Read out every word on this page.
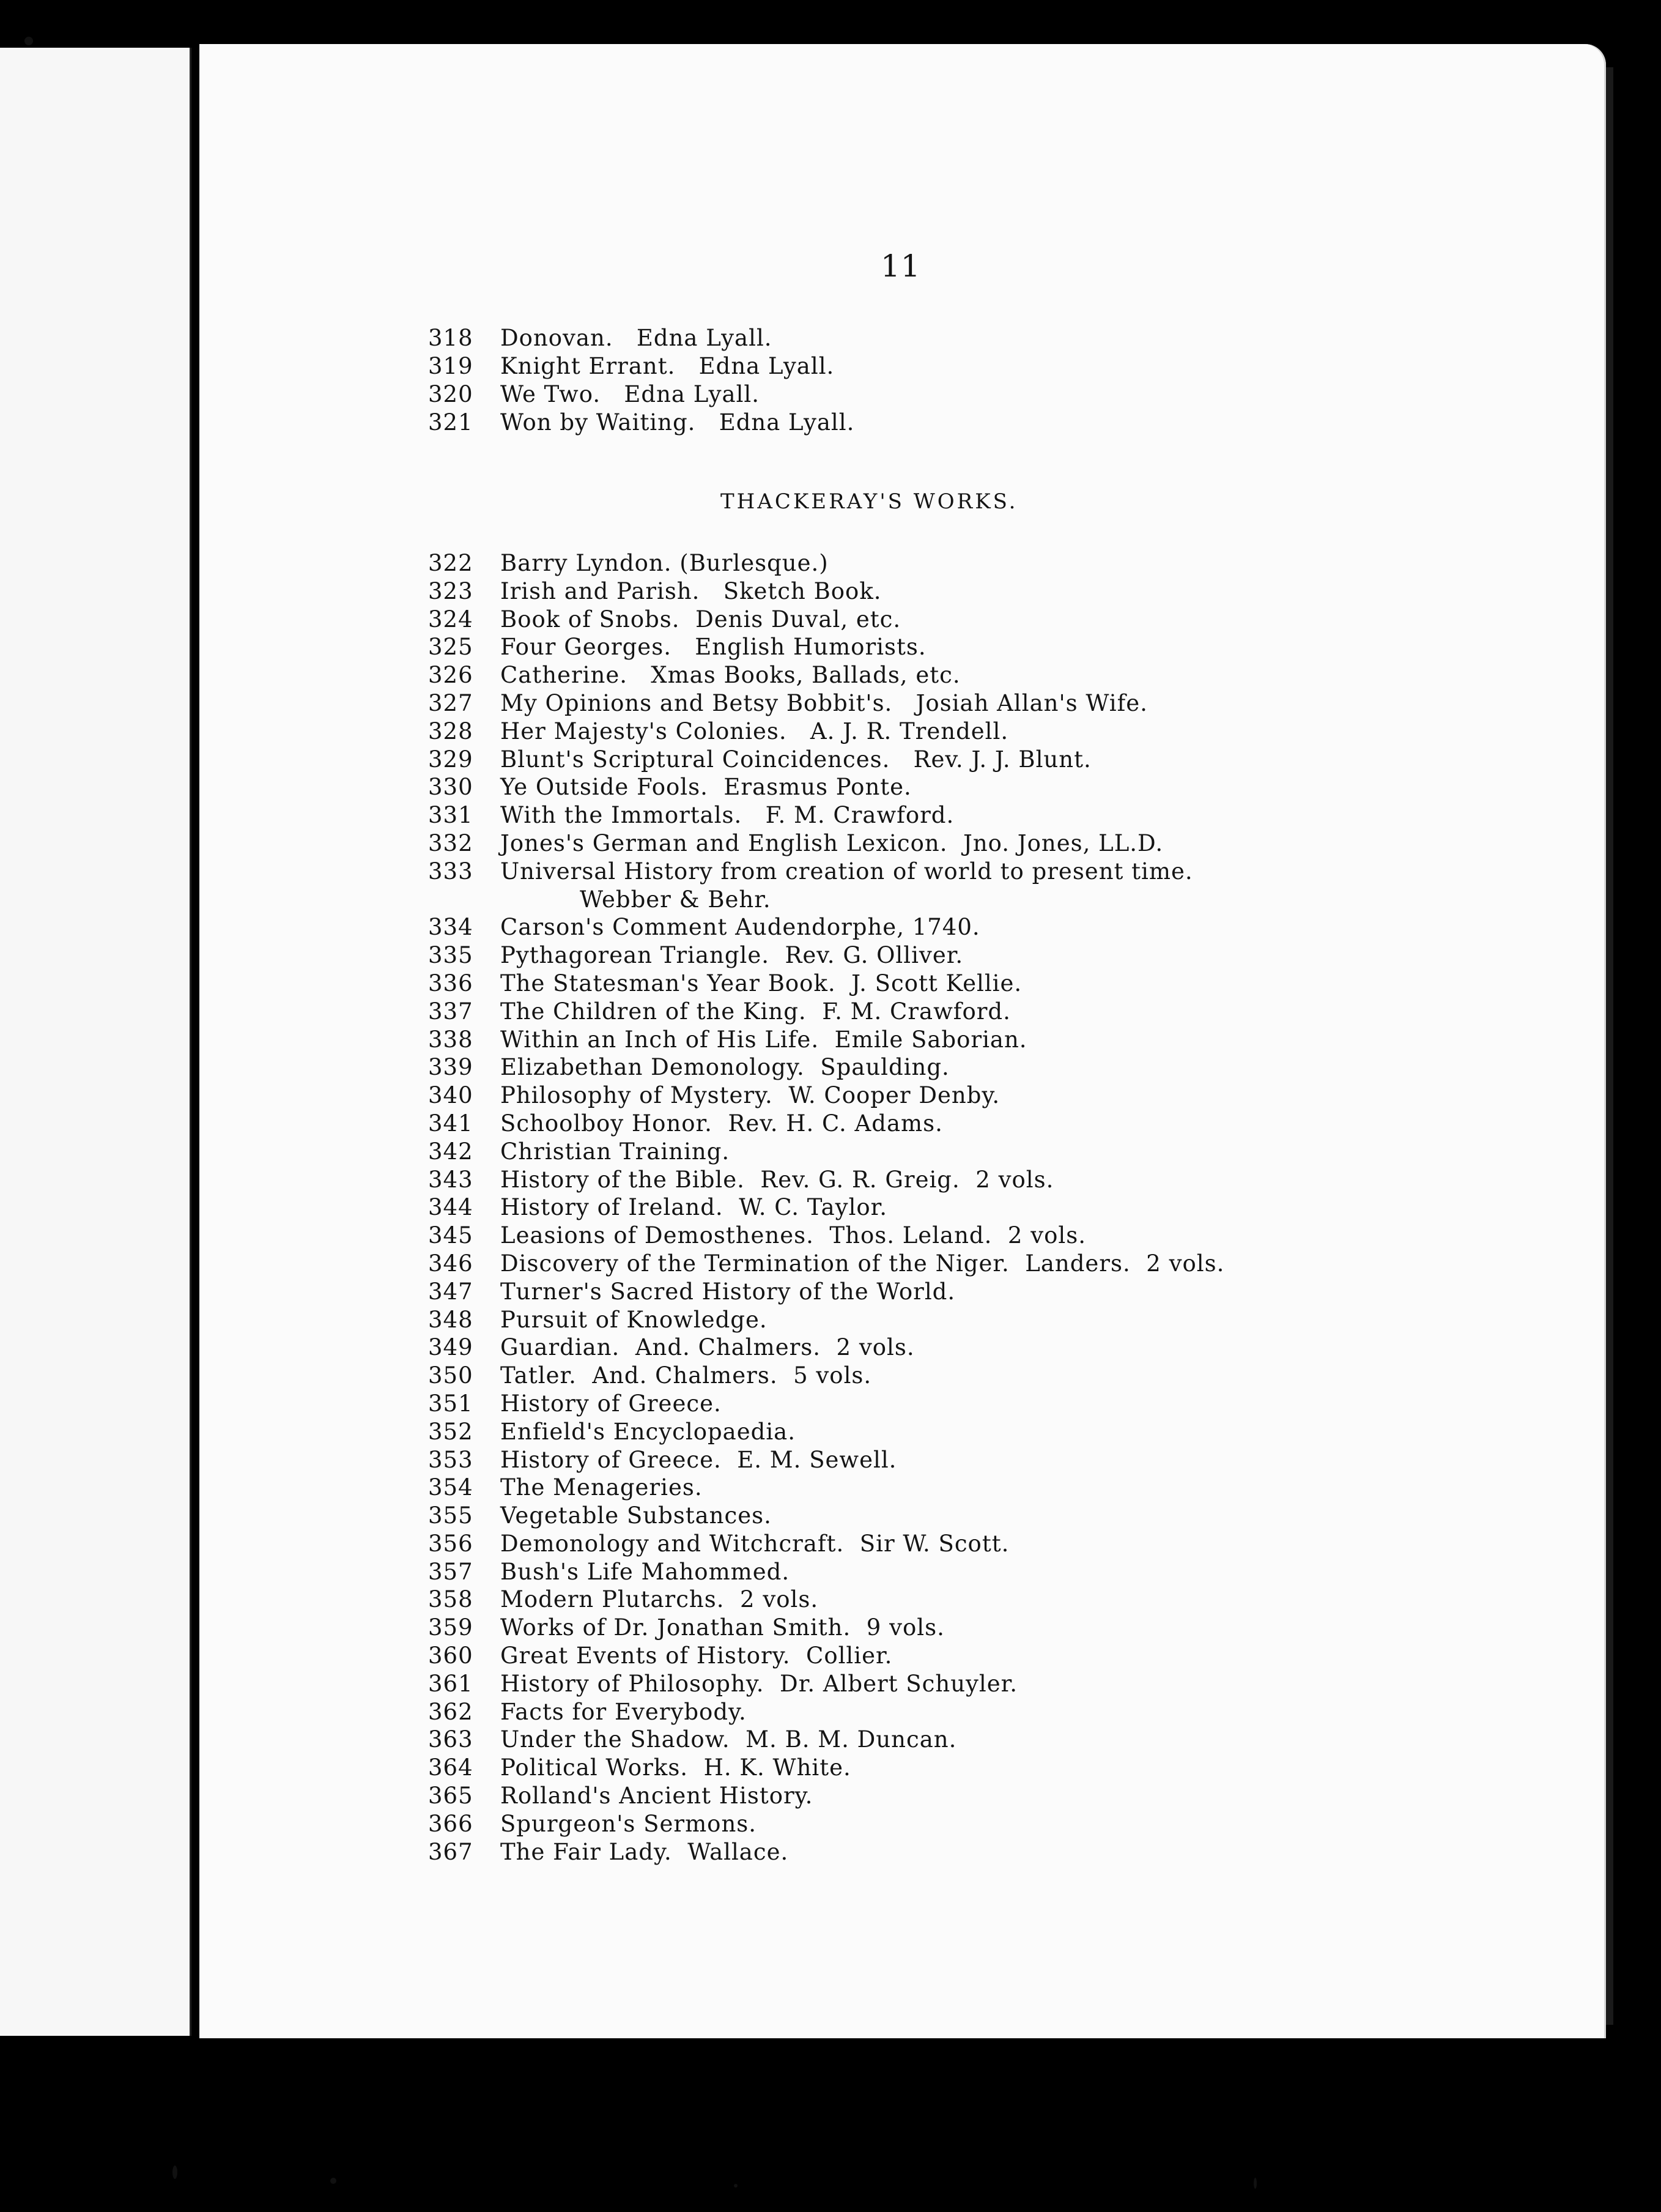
11
318	Donovan.   Edna Lyall.
319	Knight Errant.   Edna Lyall.
320	We Two.   Edna Lyall.
321	Won by Waiting.   Edna Lyall.
THACKERAY'S WORKS.
322	Barry Lyndon. (Burlesque.)
323	Irish and Parish.   Sketch Book.
324	Book of Snobs.  Denis Duval, etc.
325	Four Georges.   English Humorists.
326	Catherine.   Xmas Books, Ballads, etc.
327	My Opinions and Betsy Bobbit's.   Josiah Allan's Wife.
328	Her Majesty's Colonies.   A. J. R. Trendell.
329	Blunt's Scriptural Coincidences.   Rev. J. J. Blunt.
330	Ye Outside Fools.  Erasmus Ponte.
331	With the Immortals.   F. M. Crawford.
332	Jones's German and English Lexicon.  Jno. Jones, LL.D.
333	Universal History from creation of world to present time.
Webber & Behr.
334	Carson's Comment Audendorphe, 1740.
335	Pythagorean Triangle.  Rev. G. Olliver.
336	The Statesman's Year Book.  J. Scott Kellie.
337	The Children of the King.  F. M. Crawford.
338	Within an Inch of His Life.  Emile Saborian.
339	Elizabethan Demonology.  Spaulding.
340	Philosophy of Mystery.  W. Cooper Denby.
341	Schoolboy Honor.  Rev. H. C. Adams.
342	Christian Training.
343	History of the Bible.  Rev. G. R. Greig.  2 vols.
344	History of Ireland.  W. C. Taylor.
345	Leasions of Demosthenes.  Thos. Leland.  2 vols.
346	Discovery of the Termination of the Niger.  Landers.  2 vols.
347	Turner's Sacred History of the World.
348	Pursuit of Knowledge.
349	Guardian.  And. Chalmers.  2 vols.
350	Tatler.  And. Chalmers.  5 vols.
351	History of Greece.
352	Enfield's Encyclopaedia.
353	History of Greece.  E. M. Sewell.
354	The Menageries.
355	Vegetable Substances.
356	Demonology and Witchcraft.  Sir W. Scott.
357	Bush's Life Mahommed.
358	Modern Plutarchs.  2 vols.
359	Works of Dr. Jonathan Smith.  9 vols.
360	Great Events of History.  Collier.
361	History of Philosophy.  Dr. Albert Schuyler.
362	Facts for Everybody.
363	Under the Shadow.  M. B. M. Duncan.
364	Political Works.  H. K. White.
365	Rolland's Ancient History.
366	Spurgeon's Sermons.
367	The Fair Lady.  Wallace.
